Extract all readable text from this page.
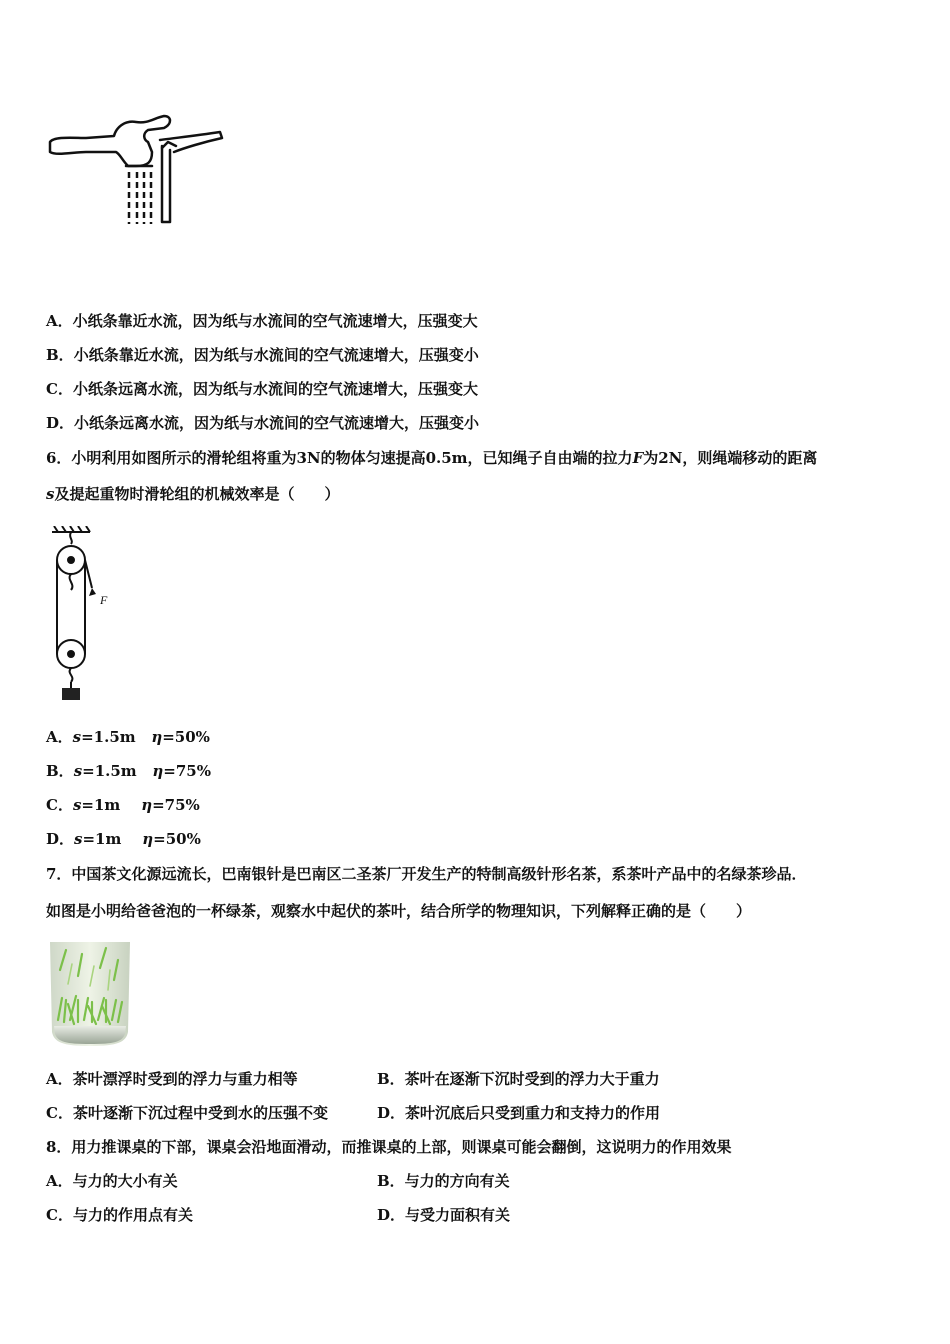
A．小纸条靠近水流，因为纸与水流间的空气流速增大，压强变大
B．小纸条靠近水流，因为纸与水流间的空气流速增大，压强变小
C．小纸条远离水流，因为纸与水流间的空气流速增大，压强变大
D．小纸条远离水流，因为纸与水流间的空气流速增大，压强变小
6．小明利用如图所示的滑轮组将重为3N的物体匀速提高0.5m，已知绳子自由端的拉力F为2N，则绳端移动的距离
s及提起重物时滑轮组的机械效率是（　　）
F
A．s=1.5m η=50%
B．s=1.5m η=75%
C．s=1m η=75%
D．s=1m η=50%
7．中国茶文化源远流长，巴南银针是巴南区二圣茶厂开发生产的特制高级针形名茶，系茶叶产品中的名绿茶珍品．
如图是小明给爸爸泡的一杯绿茶，观察水中起伏的茶叶，结合所学的物理知识，下列解释正确的是（　　）
A．茶叶漂浮时受到的浮力与重力相等	B．茶叶在逐渐下沉时受到的浮力大于重力
C．茶叶逐渐下沉过程中受到水的压强不变	D．茶叶沉底后只受到重力和支持力的作用
8．用力推课桌的下部，课桌会沿地面滑动，而推课桌的上部，则课桌可能会翻倒，这说明力的作用效果
A．与力的大小有关	B．与力的方向有关
C．与力的作用点有关	D．与受力面积有关
